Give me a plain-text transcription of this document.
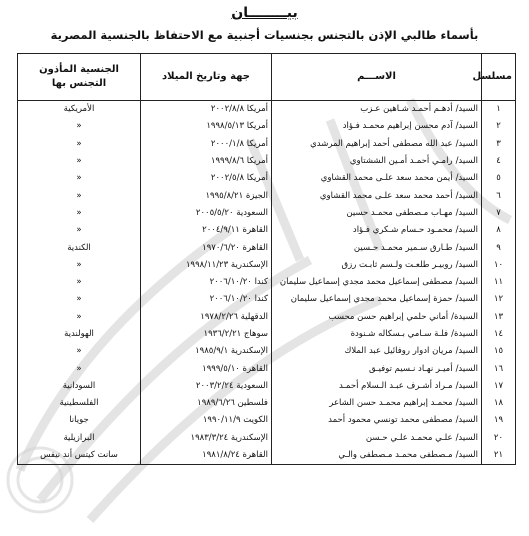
بيــــــــان
بأسماء طالبي الإذن بالتجنس بجنسيات أجنبية مع الاحتفاظ بالجنسية المصرية
مسلسل	الاســـم	جهة وتاريخ الميلاد	الجنسية المأذون التجنس بها
١	السيد/أدهـم أحمـد شـاهين عـزب	أمريكا ٢٠٠٢/٨/٨	الأمريكية
٢	السيد/آدم محسن إبراهيم محمـد فـؤاد	أمريكا ١٩٩٨/٥/١٣	«
٣	السيد/عبد الله مصطفى أحمد إبراهيم المرشدي	أمريكا ٢٠٠٠/١/٨	«
٤	السيد/رامـي أحمـد أمـين الششتاوي	أمريكا ١٩٩٩/٨/٦	«
٥	السيد/أيمن محمد سعد علـى محمد القشاوي	أمريكا ٢٠٠٢/٥/٨	«
٦	السيد/أحمد محمد سعد علـى محمد القشاوي	الجيزة ١٩٩٥/٨/٢١	«
٧	السيد/مهـاب مـصطفى محمـد حسين	السعودية ٢٠٠٥/٥/٢٠	«
٨	السيد/محمـود حـسام شـكري فـؤاد	القاهرة ٢٠٠٤/٩/١١	«
٩	السيد/طـارق سـمير محمـد حـسين	القاهرة ١٩٧٠/٦/٢٠	الكندية
١٠	السيد/روبيـر طلعـت ولـسم ثابـت رزق	الإسكندرية ١٩٩٨/١١/٢٣	«
١١	السيد/مصطفى إسماعيل محمد مجدي إسماعيل سليمان	كندا ٢٠٠٦/١٠/٢٠	«
١٢	السيد/حمزة إسماعيل محمد مجدي إسماعيل سليمان	كندا ٢٠٠٦/١٠/٢٠	«
١٣	السيدة/أماني حلمي إبراهيم حسن محسب	الدقهلية ١٩٧٨/٢/٢٦	«
١٤	السيدة/فلـة سـامي بـسكاله شـنودة	سوهاج ١٩٣٦/٢/٢١	الهولندية
١٥	السيد/مريان ادوار روفائيل عبد الملاك	الإسكندرية ١٩٨٥/٩/١	«
١٦	السيد/أميـر نهـاد نـسيم توفيـق	القاهرة ١٩٩٩/٥/١٠	«
١٧	السيد/مـراد أشـرف عبـد الـسلام أحمـد	السعودية ٢٠٠٣/٢/٢٤	السودانية
١٨	السيد/محمـد إبراهيم محمـد حسن الشاعر	فلسطين ١٩٨٩/٦/٢٦	الفلسطينية
١٩	السيد/مصطفى محمد تونسي محمود أحمد	الكويت ١٩٩٠/١١/٩	جويانا
٢٠	السيد/علـي محمـد علـي حـسن	الإسكندرية ١٩٨٣/٣/٢٤	البرازيلية
٢١	السيد/مـصطفى محمـد مـصطفى والـي	القاهرة ١٩٨١/٨/٢٤	سانت كيتس أند نيفس
